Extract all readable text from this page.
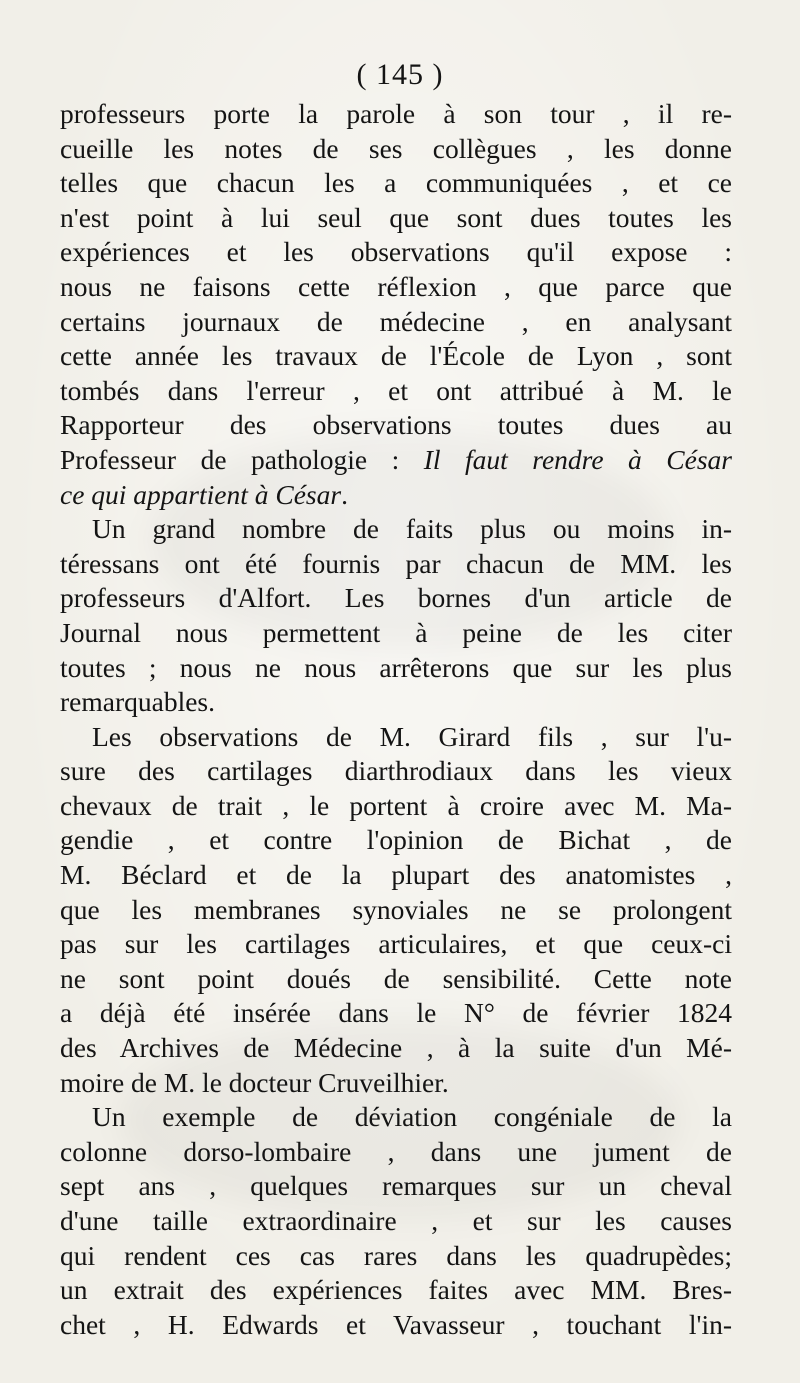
( 145 )

professeurs porte la parole à son tour , il re-
cueille les notes de ses collègues , les donne
telles que chacun les a communiquées , et ce
n'est point à lui seul que sont dues toutes les
expériences et les observations qu'il expose :
nous ne faisons cette réflexion , que parce que
certains journaux de médecine , en analysant
cette année les travaux de l'École de Lyon , sont
tombés dans l'erreur , et ont attribué à M. le
Rapporteur des observations toutes dues au
Professeur de pathologie : Il faut rendre à César
ce qui appartient à César.

Un grand nombre de faits plus ou moins in-
téressans ont été fournis par chacun de MM. les
professeurs d'Alfort. Les bornes d'un article de
Journal nous permettent à peine de les citer
toutes ; nous ne nous arrêterons que sur les plus
remarquables.

Les observations de M. Girard fils , sur l'u-
sure des cartilages diarthrodiaux dans les vieux
chevaux de trait , le portent à croire avec M. Ma-
gendie , et contre l'opinion de Bichat , de
M. Béclard et de la plupart des anatomistes ,
que les membranes synoviales ne se prolongent
pas sur les cartilages articulaires, et que ceux-ci
ne sont point doués de sensibilité. Cette note
a déjà été insérée dans le N° de février 1824
des Archives de Médecine , à la suite d'un Mé-
moire de M. le docteur Cruveilhier.

Un exemple de déviation congéniale de la
colonne dorso-lombaire , dans une jument de
sept ans , quelques remarques sur un cheval
d'une taille extraordinaire , et sur les causes
qui rendent ces cas rares dans les quadrupèdes;
un extrait des expériences faites avec MM. Bres-
chet , H. Edwards et Vavasseur , touchant l'in-
